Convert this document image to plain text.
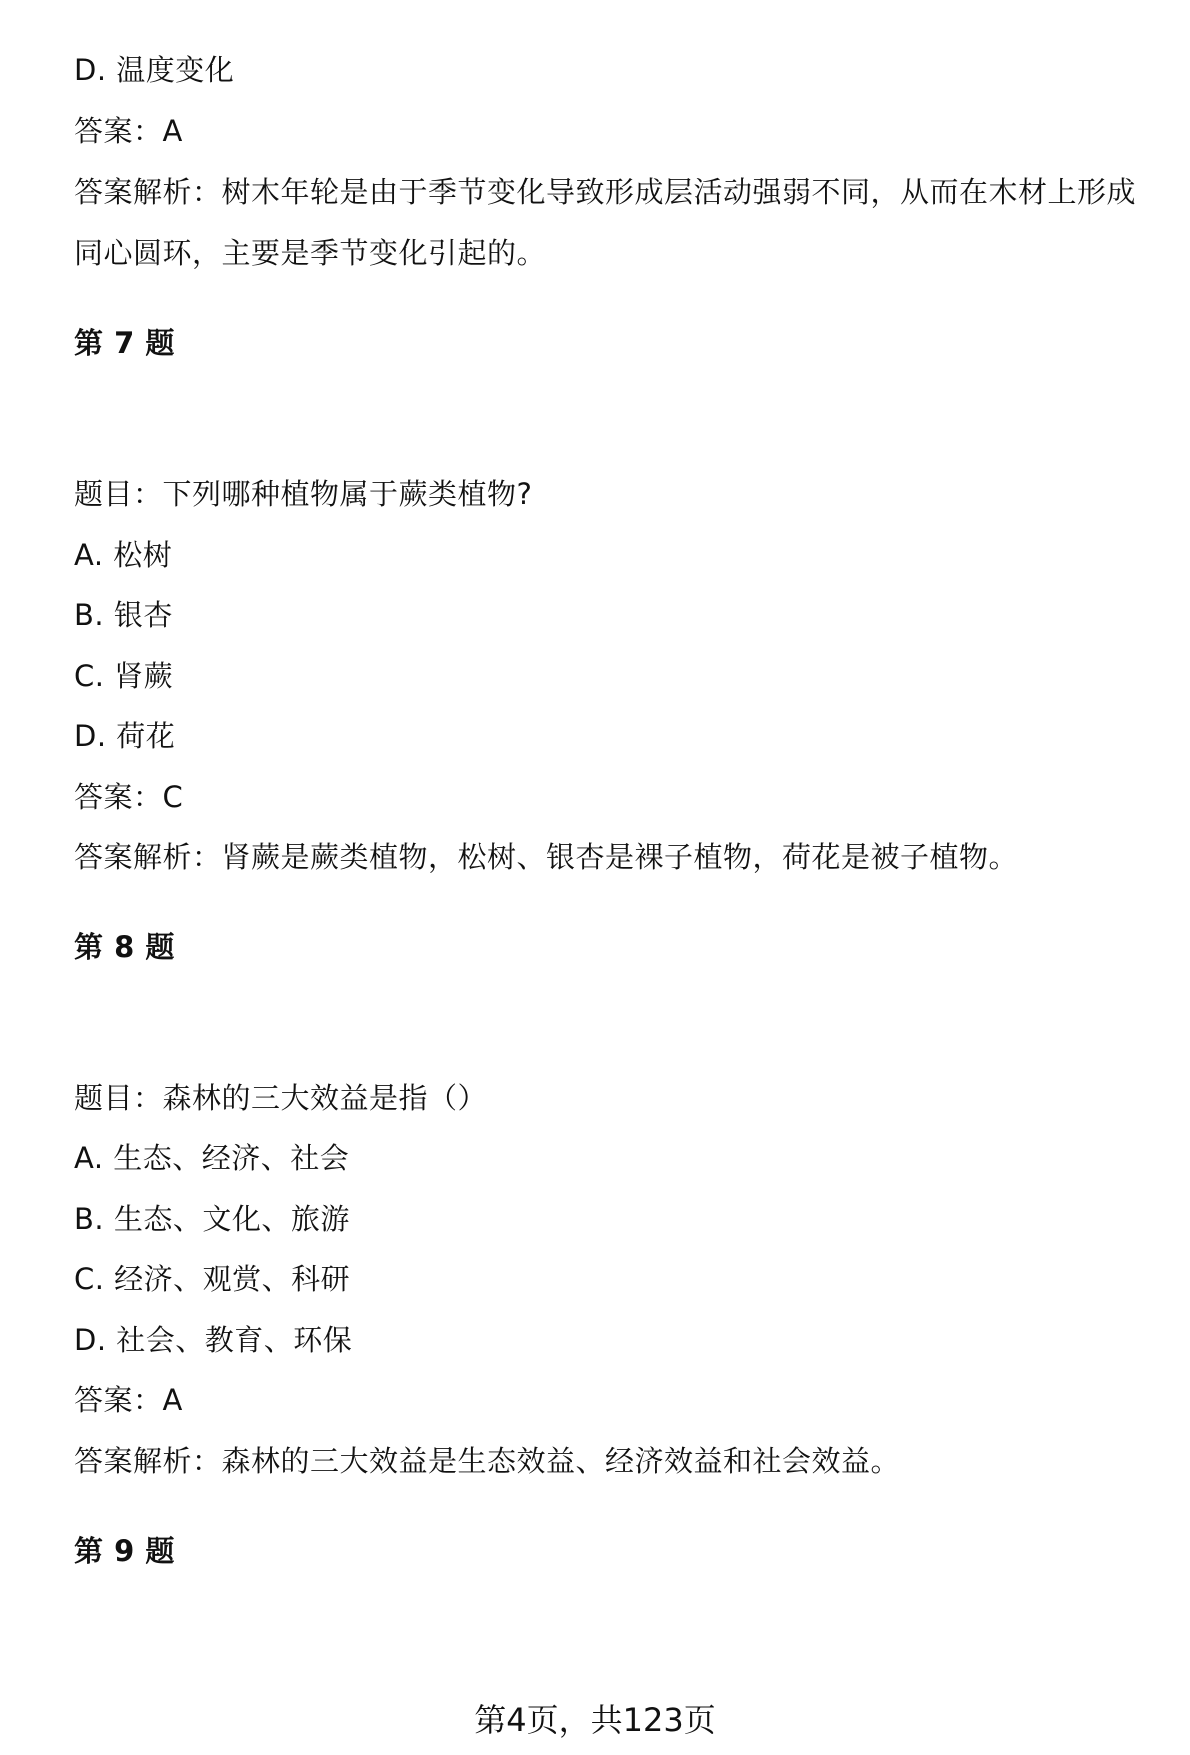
D. 温度变化
答案：A
答案解析：树木年轮是由于季节变化导致形成层活动强弱不同，从而在木材上形成
同心圆环，主要是季节变化引起的。
第 7 题
题目：下列哪种植物属于蕨类植物?
A. 松树
B. 银杏
C. 肾蕨
D. 荷花
答案：C
答案解析：肾蕨是蕨类植物，松树、银杏是裸子植物，荷花是被子植物。
第 8 题
题目：森林的三大效益是指（）
A. 生态、经济、社会
B. 生态、文化、旅游
C. 经济、观赏、科研
D. 社会、教育、环保
答案：A
答案解析：森林的三大效益是生态效益、经济效益和社会效益。
第 9 题
第4页，共123页
